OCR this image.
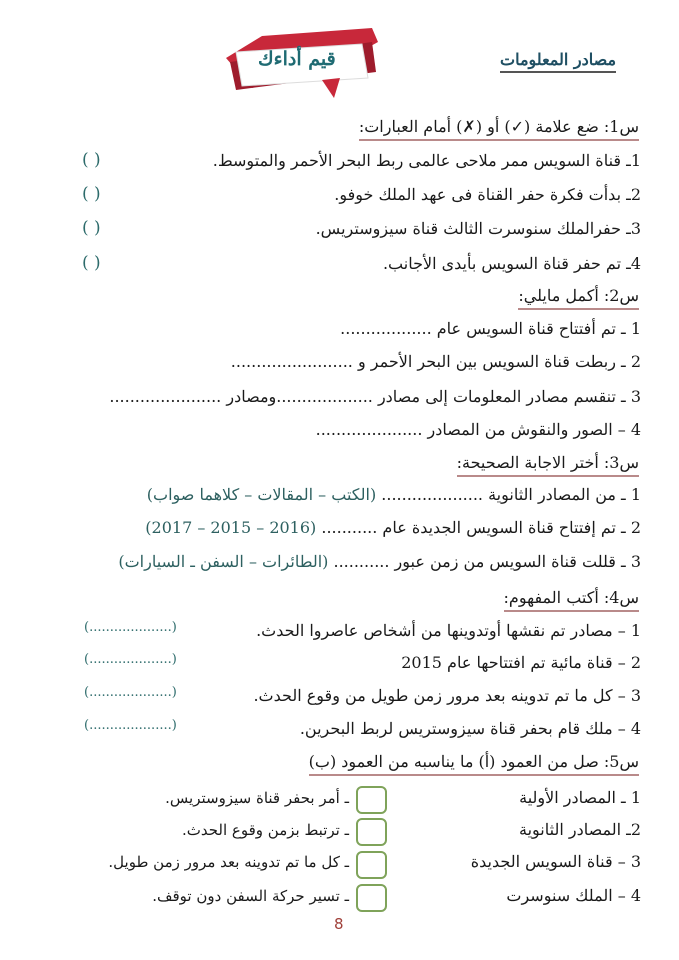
قيم أداءك	مصادر المعلومات
س1: ضع علامة (✓) أو (✗) أمام العبارات:
1ـ قناة السويس ممر ملاحى عالمى ربط البحر الأحمر والمتوسط.
2ـ بدأت فكرة حفر القناة فى عهد الملك خوفو.
3ـ حفرالملك سنوسرت الثالث قناة سيزوستريس.
4ـ تم حفر قناة السويس بأيدى الأجانب.
( )
( )
( )
( )
س2: أكمل مايلي:
1 ـ تم أفتتاح قناة السويس عام ..................
2 ـ ربطت قناة السويس بين البحر الأحمر و ........................
3 ـ تنقسم مصادر المعلومات إلى مصادر ...................ومصادر ......................
4 – الصور والنقوش من المصادر .....................
س3: أختر الاجابة الصحيحة:
1 ـ من المصادر الثانوية .................... (الكتب – المقالات – كلاهما صواب)
2 ـ تم إفتتاح قناة السويس الجديدة عام ........... (2016 – 2015 – 2017)
3 ـ قللت قناة السويس من زمن عبور ........... (الطائرات – السفن ـ السيارات)
س4: أكتب المفهوم:
1 – مصادر تم نقشها أوتدوينها من أشخاص عاصروا الحدث.
2 – قناة مائية تم افتتاحها عام 2015
3 – كل ما تم تدوينه بعد مرور زمن طويل من وقوع الحدث.
4 – ملك قام بحفر قناة سيزوستريس لربط البحرين.
(....................)
(....................)
(....................)
(....................)
س5: صل من العمود (أ) ما يناسبه من العمود (ب)
1 ـ المصادر الأولية
2ـ المصادر الثانوية
3 – قناة السويس الجديدة
4 – الملك سنوسرت
ـ أمر بحفر قناة سيزوستريس.
ـ ترتبط بزمن وقوع الحدث.
ـ كل ما تم تدوينه بعد مرور زمن طويل.
ـ تسير حركة السفن دون توقف.
8
